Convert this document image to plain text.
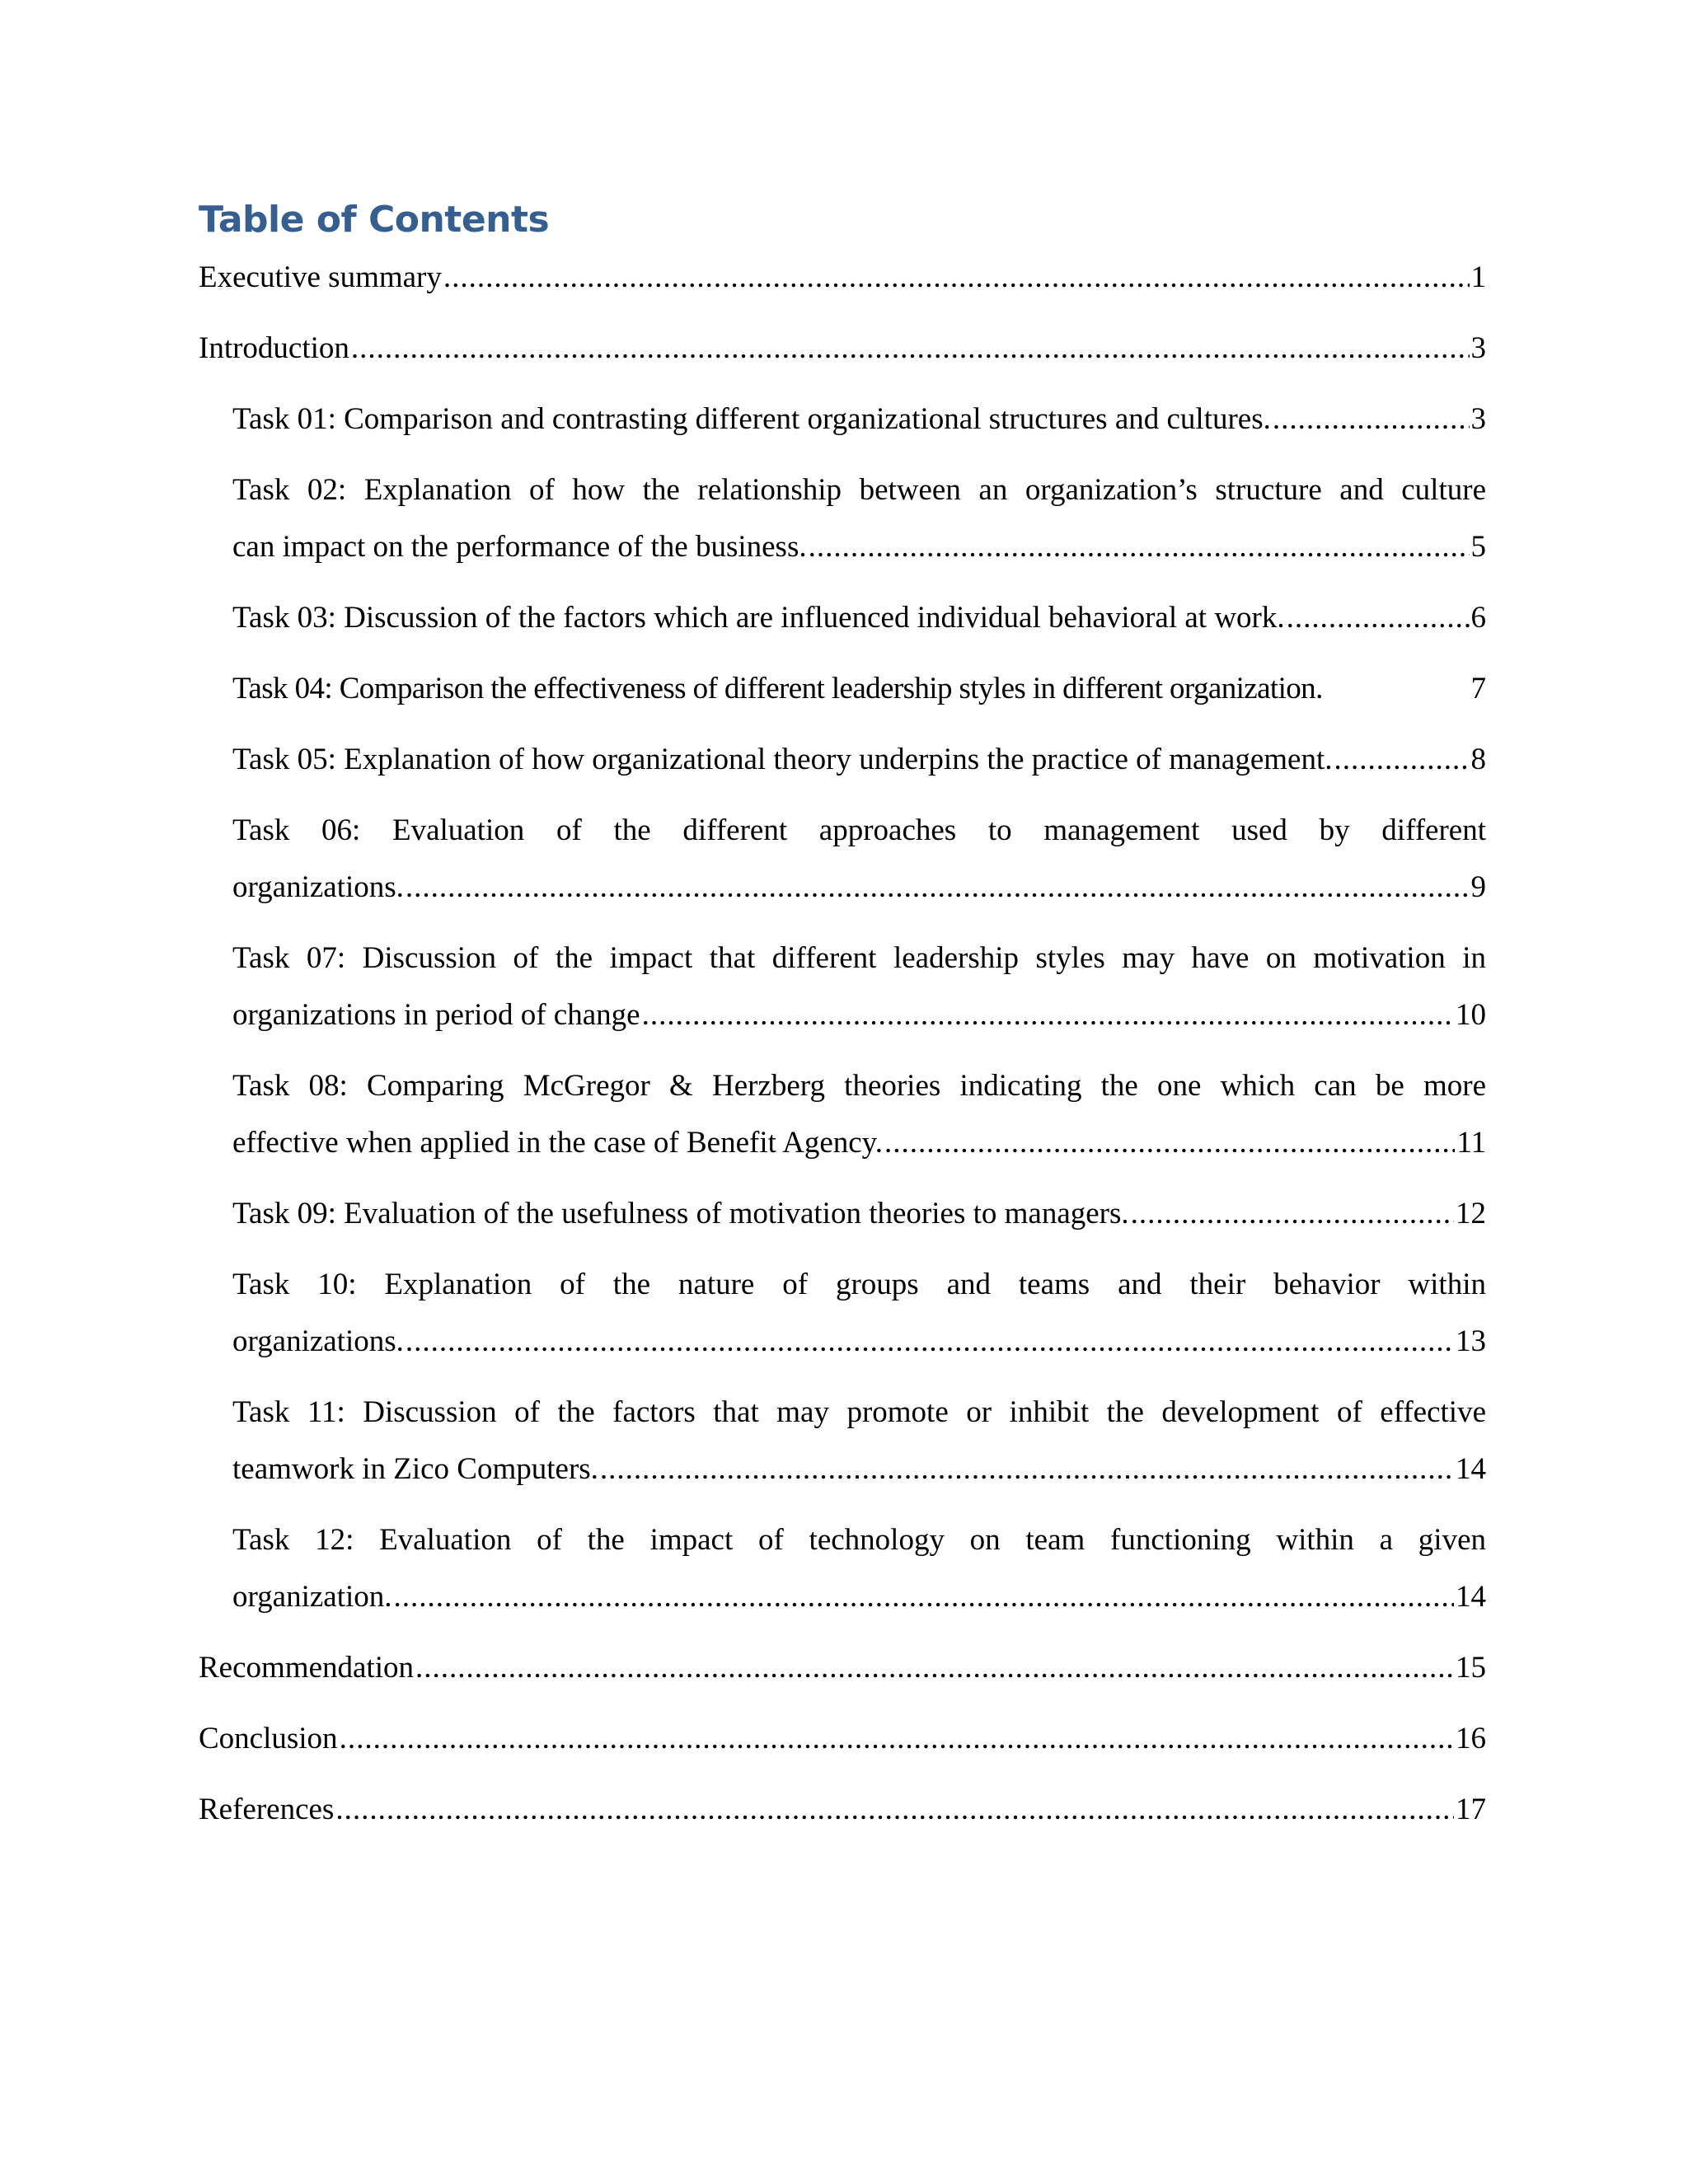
Table of Contents
Executive summary .....	1
Introduction .....	3
Task 01: Comparison and contrasting different organizational structures and cultures. .....	3
Task 02: Explanation of how the relationship between an organization’s structure and culture
can impact on the performance of the business. .....	5
Task 03: Discussion of the factors which are influenced individual behavioral at work. .....	6
Task 04: Comparison the effectiveness of different leadership styles in different organization.	7
Task 05: Explanation of how organizational theory underpins the practice of management. .....	8
Task 06: Evaluation of the different approaches to management used by different
organizations. .....	9
Task 07: Discussion of the impact that different leadership styles may have on motivation in
organizations in period of change .....	10
Task 08: Comparing McGregor & Herzberg theories indicating the one which can be more
effective when applied in the case of Benefit Agency. .....	11
Task 09: Evaluation of the usefulness of motivation theories to managers. .....	12
Task 10: Explanation of the nature of groups and teams and their behavior within
organizations. .....	13
Task 11: Discussion of the factors that may promote or inhibit the development of effective
teamwork in Zico Computers. .....	14
Task 12: Evaluation of the impact of technology on team functioning within a given
organization. .....	14
Recommendation .....	15
Conclusion .....	16
References .....	17
